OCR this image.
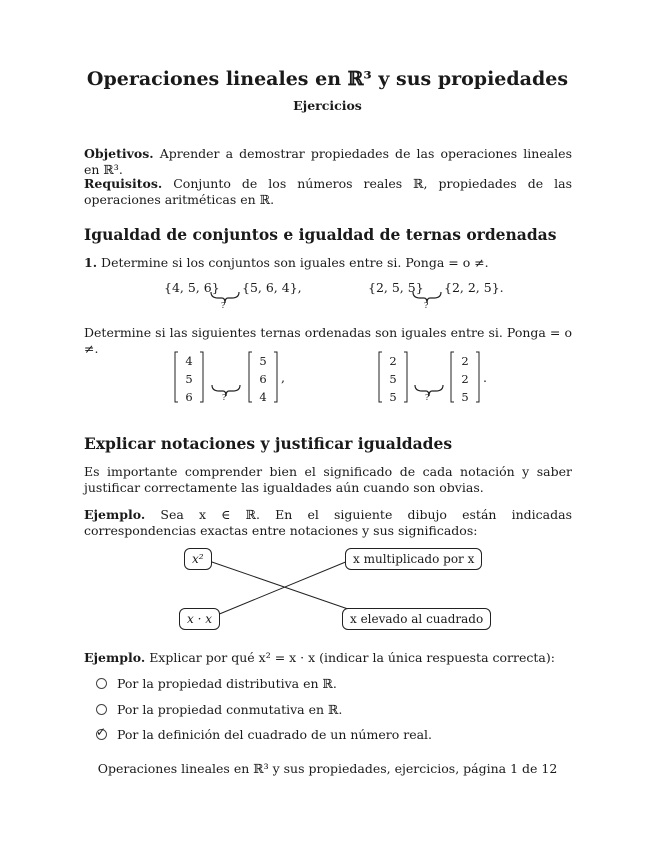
Operaciones lineales en ℝ³ y sus propiedades
Ejercicios
Objetivos. Aprender a demostrar propiedades de las operaciones lineales en ℝ³.
Requisitos. Conjunto de los números reales ℝ, propiedades de las operaciones aritméticas en ℝ.
Igualdad de conjuntos e igualdad de ternas ordenadas
1. Determine si los conjuntos son iguales entre si. Ponga = o ≠.
{4, 5, 6}
?
{5, 6, 4},	{2, 5, 5}
?
{2, 2, 5}.
Determine si las siguientes ternas ordenadas son iguales entre si. Ponga = o ≠.
4
5
6	?
5
6
4
,
2
5
5	?
2
2
5
.
Explicar notaciones y justificar igualdades
Es importante comprender bien el significado de cada notación y saber justificar correctamente las igualdades aún cuando son obvias.
Ejemplo. Sea x ∈ ℝ. En el siguiente dibujo están indicadas correspondencias exactas entre notaciones y sus significados:
x²	x multiplicado por x
x · x	x elevado al cuadrado
Ejemplo. Explicar por qué x² = x · x (indicar la única respuesta correcta):
Por la propiedad distributiva en ℝ.
Por la propiedad conmutativa en ℝ.
✓ Por la definición del cuadrado de un número real.
Operaciones lineales en ℝ³ y sus propiedades, ejercicios, página 1 de 12
